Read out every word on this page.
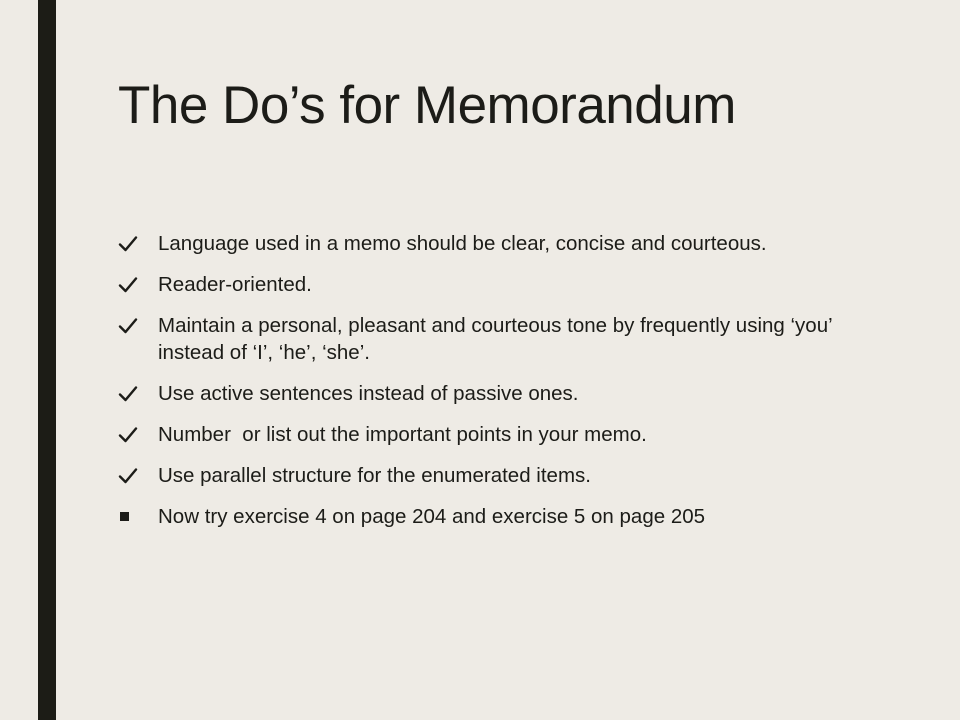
The Do’s for Memorandum
Language used in a memo should be clear, concise and courteous.
Reader-oriented.
Maintain a personal, pleasant and courteous tone by frequently using ‘you’ instead of ‘I’, ‘he’, ‘she’.
Use active sentences instead of passive ones.
Number  or list out the important points in your memo.
Use parallel structure for the enumerated items.
Now try exercise 4 on page 204 and exercise 5 on page 205
